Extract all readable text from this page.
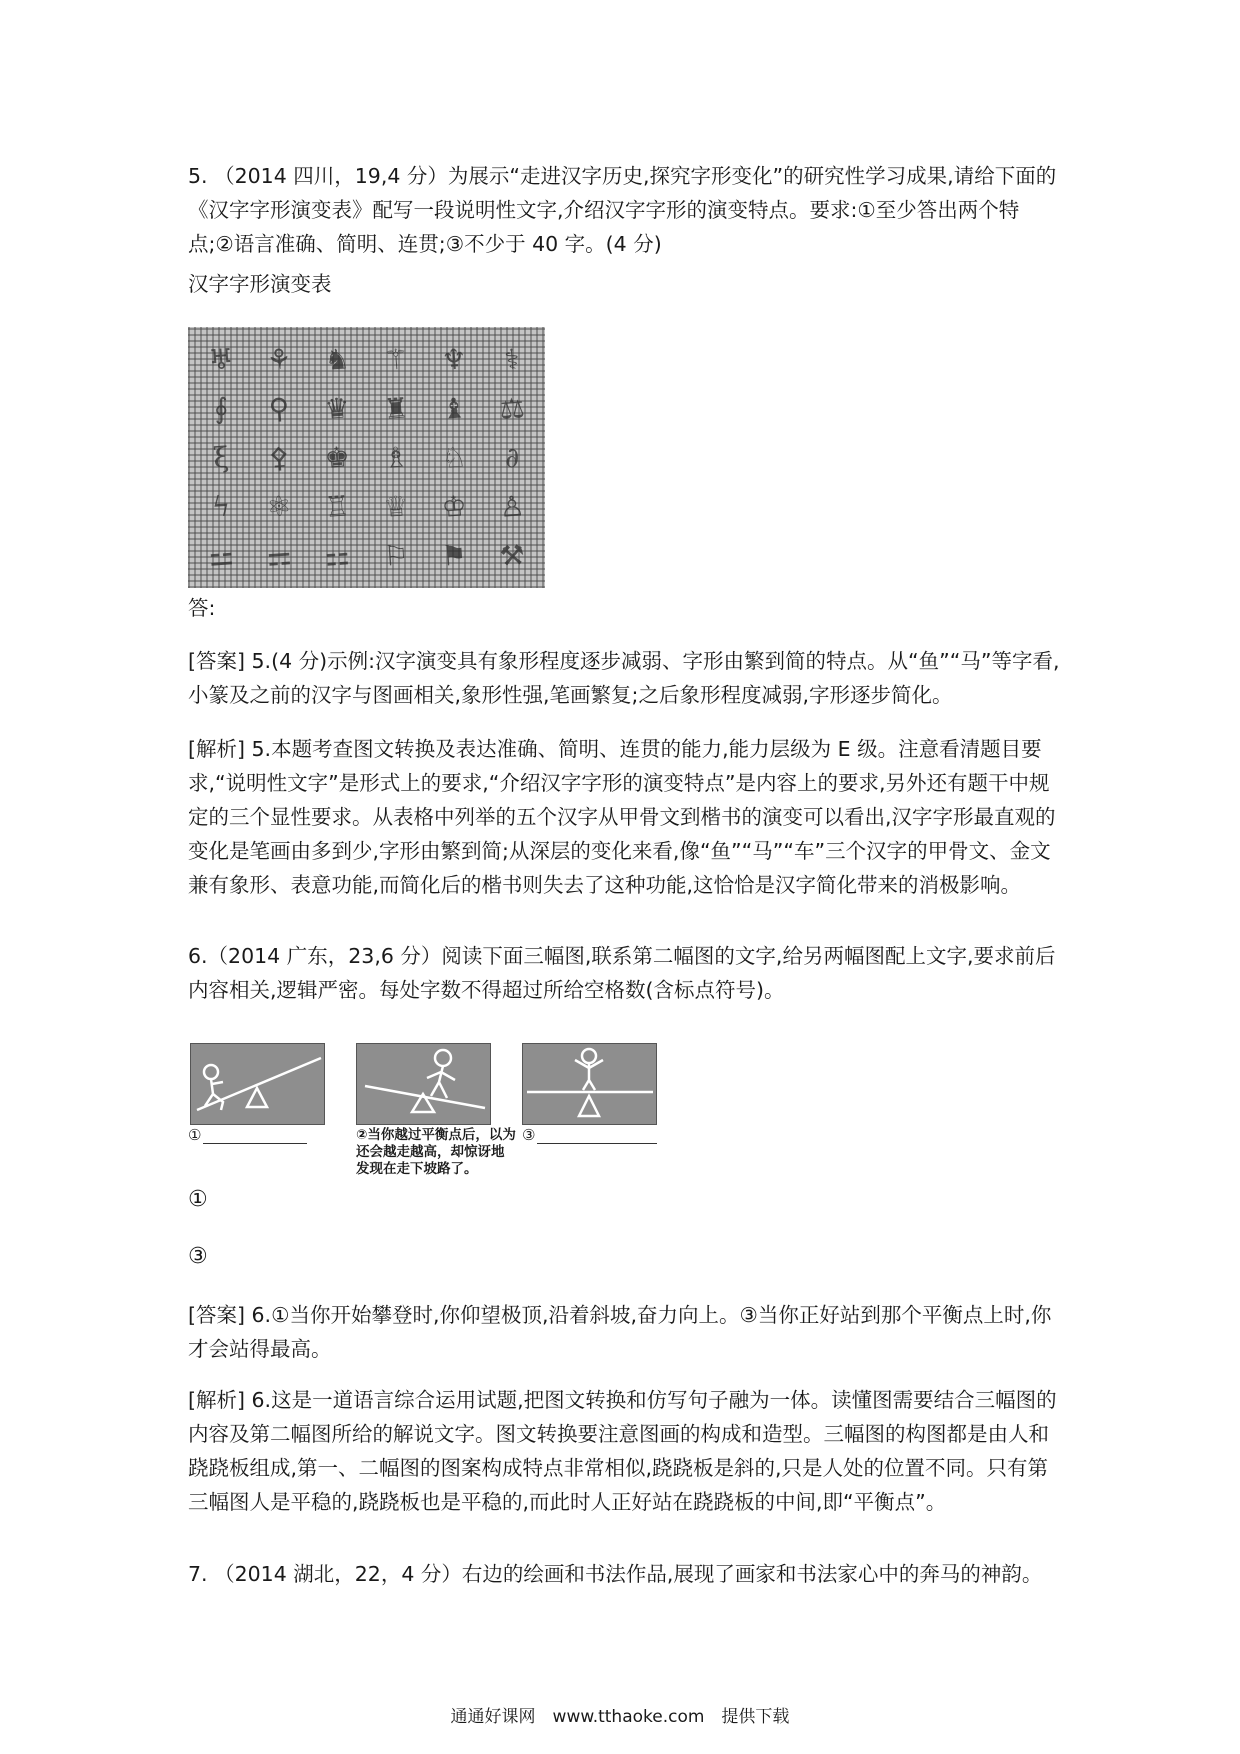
5. （2014 四川，19,4 分）为展示“走进汉字历史,探究字形变化”的研究性学习成果,请给下面的《汉字字形演变表》配写一段说明性文字,介绍汉字字形的演变特点。要求:①至少答出两个特点;②语言准确、简明、连贯;③不少于 40 字。(4 分)

汉字字形演变表

♅	⚘	♞	⚚	♆	⚕
∮	⚲	♛	♜	♝	⚖
ξ	⚴	♚	♗	♘	∂
ϟ	⚛	♖	♕	♔	♙
⚍	⚎	⚏	⚐	⚑	⚒

答:

[答案] 5.(4 分)示例:汉字演变具有象形程度逐步减弱、字形由繁到简的特点。从“鱼”“马”等字看,小篆及之前的汉字与图画相关,象形性强,笔画繁复;之后象形程度减弱,字形逐步简化。

[解析] 5.本题考查图文转换及表达准确、简明、连贯的能力,能力层级为 E 级。注意看清题目要求,“说明性文字”是形式上的要求,“介绍汉字字形的演变特点”是内容上的要求,另外还有题干中规定的三个显性要求。从表格中列举的五个汉字从甲骨文到楷书的演变可以看出,汉字字形最直观的变化是笔画由多到少,字形由繁到简;从深层的变化来看,像“鱼”“马”“车”三个汉字的甲骨文、金文兼有象形、表意功能,而简化后的楷书则失去了这种功能,这恰恰是汉字简化带来的消极影响。

6.（2014 广东，23,6 分）阅读下面三幅图,联系第二幅图的文字,给另两幅图配上文字,要求前后内容相关,逻辑严密。每处字数不得超过所给空格数(含标点符号)。

①	②当你越过平衡点后，以为还会越走越高，却惊讶地发现在走下坡路了。
③
①
③

[答案] 6.①当你开始攀登时,你仰望极顶,沿着斜坡,奋力向上。③当你正好站到那个平衡点上时,你才会站得最高。

[解析] 6.这是一道语言综合运用试题,把图文转换和仿写句子融为一体。读懂图需要结合三幅图的内容及第二幅图所给的解说文字。图文转换要注意图画的构成和造型。三幅图的构图都是由人和跷跷板组成,第一、二幅图的图案构成特点非常相似,跷跷板是斜的,只是人处的位置不同。只有第三幅图人是平稳的,跷跷板也是平稳的,而此时人正好站在跷跷板的中间,即“平衡点”。

7. （2014 湖北，22，4 分）右边的绘画和书法作品,展现了画家和书法家心中的奔马的神韵。

通通好课网　www.tthaoke.com　提供下载
